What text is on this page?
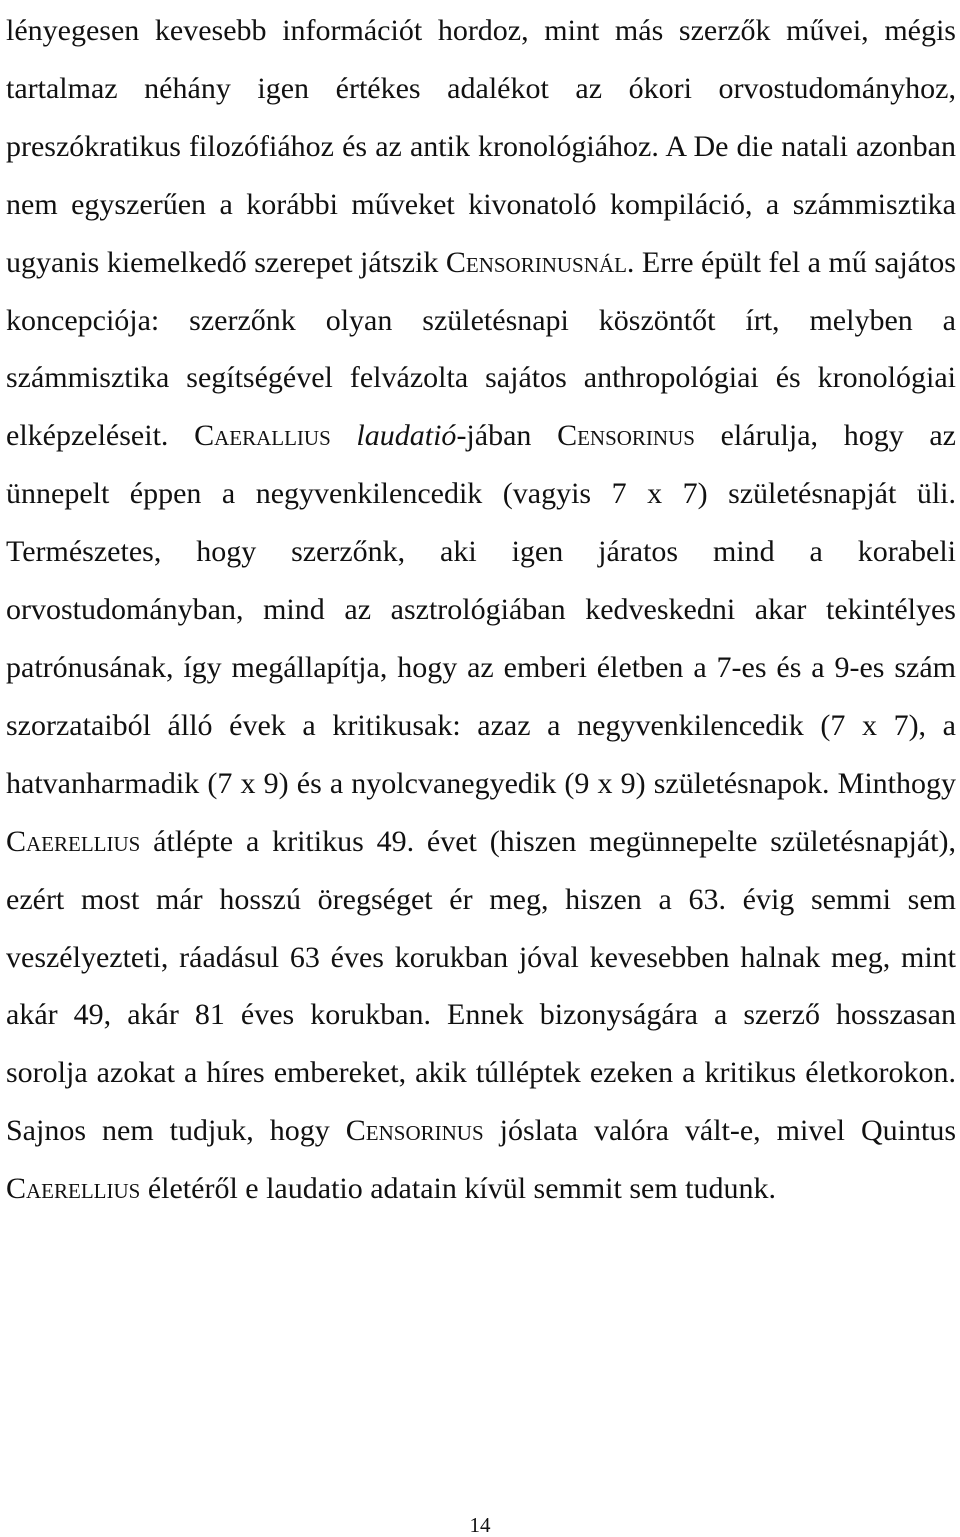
lényegesen kevesebb információt hordoz, mint más szerzők művei, mégis tartalmaz néhány igen értékes adalékot az ókori orvostudományhoz, preszókratikus filozófiához és az antik kronológiához. A De die natali azonban nem egyszerűen a korábbi műveket kivonatoló kompiláció, a számmisztika ugyanis kiemelkedő szerepet játszik Censorinusnál. Erre épült fel a mű sajátos koncepciója: szerzőnk olyan születésnapi köszöntőt írt, melyben a számmisztika segítségével felvázolta sajátos anthropológiai és kronológiai elképzeléseit. Caerallius laudatió-jában Censorinus elárulja, hogy az ünnepelt éppen a negyvenkilencedik (vagyis 7 x 7) születésnapját üli. Természetes, hogy szerzőnk, aki igen járatos mind a korabeli orvostudományban, mind az asztrológiában kedveskedni akar tekintélyes patrónusának, így megállapítja, hogy az emberi életben a 7-es és a 9-es szám szorzataiból álló évek a kritikusak: azaz a negyvenkilencedik (7 x 7), a hatvanharmadik (7 x 9) és a nyolcvanegyedik (9 x 9) születésnapok. Minthogy Caerellius átlépte a kritikus 49. évet (hiszen megünnepelte születésnapját), ezért most már hosszú öregséget ér meg, hiszen a 63. évig semmi sem veszélyezteti, ráadásul 63 éves korukban jóval kevesebben halnak meg, mint akár 49, akár 81 éves korukban. Ennek bizonyságára a szerző hosszasan sorolja azokat a híres embereket, akik túlléptek ezeken a kritikus életkorokon. Sajnos nem tudjuk, hogy Censorinus jóslata valóra vált-e, mivel Quintus Caerellius életéről e laudatio adatain kívül semmit sem tudunk.

14
